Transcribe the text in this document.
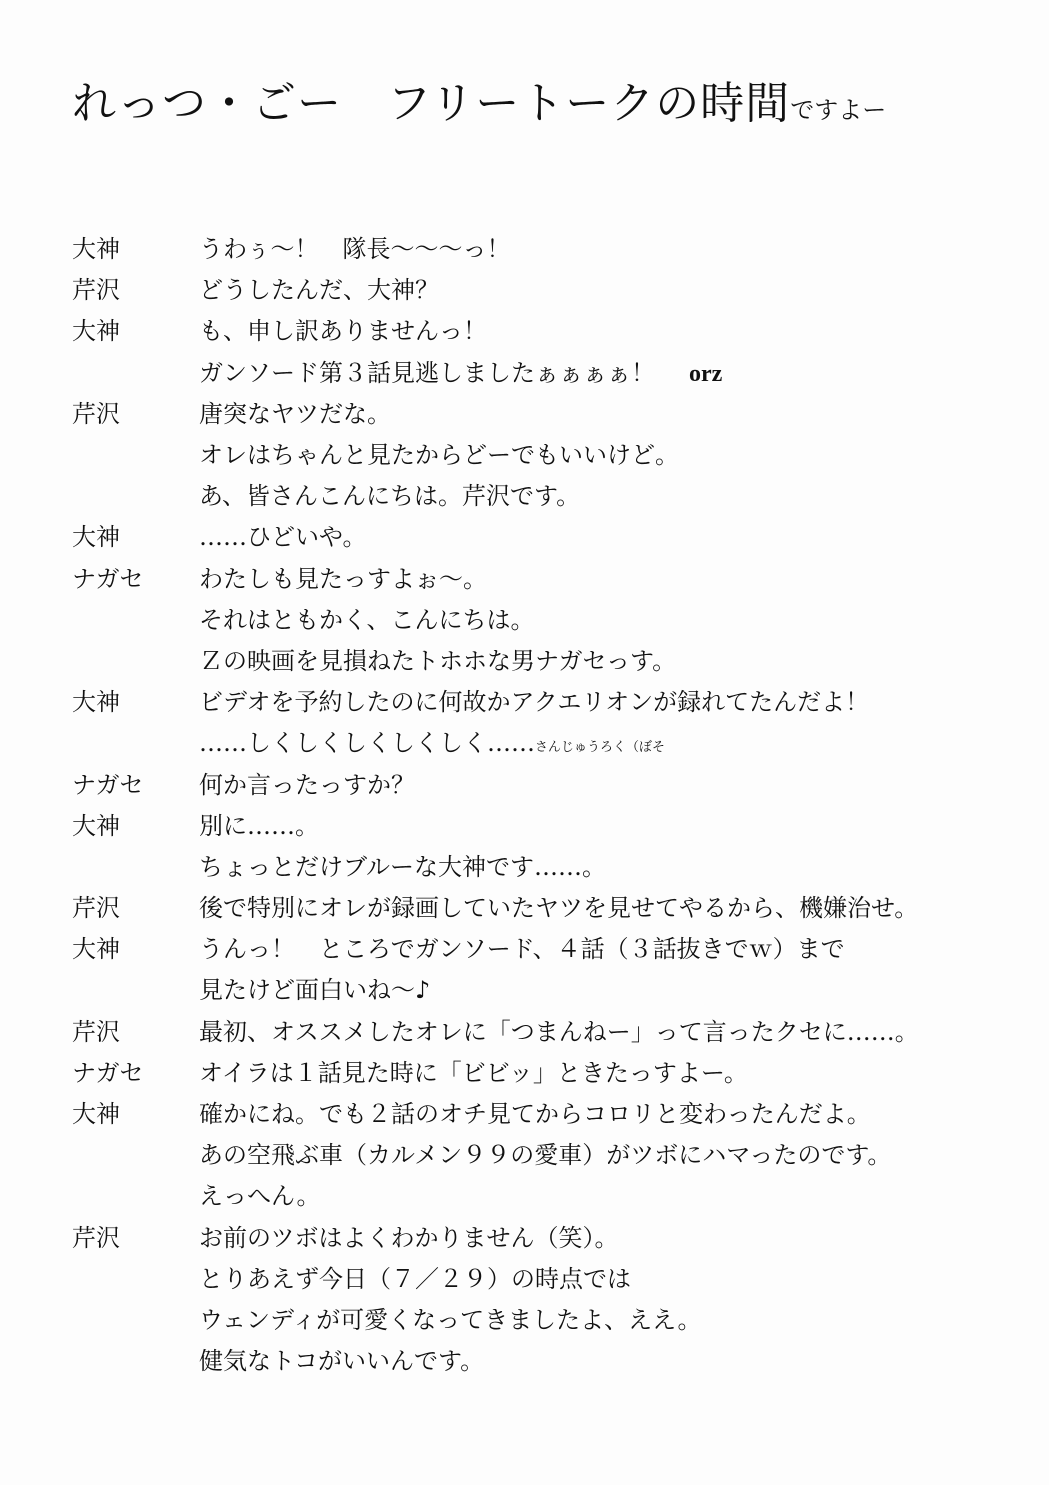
れっつ・ごー　フリートークの時間ですよー
大神	うわぅ〜！　隊長〜〜〜っ！
芹沢	どうしたんだ、大神？
大神	も、申し訳ありませんっ！
ガンソード第３話見逃しましたぁぁぁぁ！ orz
芹沢	唐突なヤツだな。
オレはちゃんと見たからどーでもいいけど。
あ、皆さんこんにちは。芹沢です。
大神	……ひどいや。
ナガセ	わたしも見たっすよぉ〜。
それはともかく、こんにちは。
Ｚの映画を見損ねたトホホな男ナガセっす。
大神	ビデオを予約したのに何故かアクエリオンが録れてたんだよ！
……しくしくしくしくしく……さんじゅうろく（ぼそ
ナガセ	何か言ったっすか？
大神	別に……。
ちょっとだけブルーな大神です……。
芹沢	後で特別にオレが録画していたヤツを見せてやるから、機嫌治せ。
大神	うんっ！　ところでガンソード、４話（３話抜きでｗ）まで
見たけど面白いね〜♪
芹沢	最初、オススメしたオレに「つまんねー」って言ったクセに……。
ナガセ	オイラは１話見た時に「ビビッ」ときたっすよー。
大神	確かにね。でも２話のオチ見てからコロリと変わったんだよ。
あの空飛ぶ車（カルメン９９の愛車）がツボにハマったのです。
えっへん。
芹沢	お前のツボはよくわかりません（笑）。
とりあえず今日（７／２９）の時点では
ウェンディが可愛くなってきましたよ、ええ。
健気なトコがいいんです。
